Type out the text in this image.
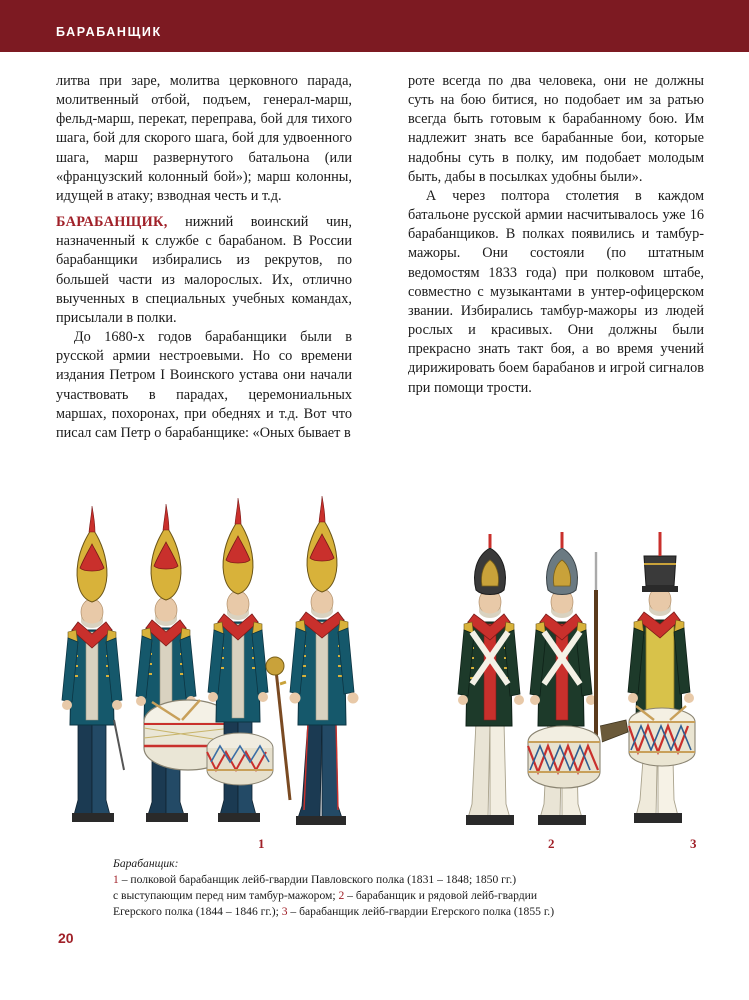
БАРАБАНЩИК

литва при заре, молитва церковного парада, молитвенный отбой, подъем, генерал-марш, фельд-марш, перекат, переправа, бой для тихого шага, бой для скорого шага, бой для удвоенного шага, марш развернутого батальона (или «французский колонный бой»); марш колонны, идущей в атаку; взводная честь и т.д.

БАРАБАНЩИК, нижний воинский чин, назначенный к службе с барабаном. В России барабанщики избирались из рекрутов, по большей части из малорослых. Их, отлично выученных в специальных учебных командах, присылали в полки.

До 1680-х годов барабанщики были в русской армии нестроевыми. Но со времени издания Петром I Воинского устава они начали участвовать в парадах, церемониальных маршах, похоронах, при обеднях и т.д. Вот что писал сам Петр о барабанщике: «Оных бывает в

роте всегда по два человека, они не должны суть на бою битися, но подобает им за ратью всегда быть готовым к барабанному бою. Им надлежит знать все барабанные бои, которые надобны суть в полку, им подобает молодым быть, дабы в посылках удобны были».

А через полтора столетия в каждом батальоне русской армии насчитывалось уже 16 барабанщиков. В полках появились и тамбур-мажоры. Они состояли (по штатным ведомостям 1833 года) при полковом штабе, совместно с музыкантами в унтер-офицерском звании. Избирались тамбур-мажоры из людей рослых и красивых. Они должны были прекрасно знать такт боя, а во время учений дирижировать боем барабанов и игрой сигналов при помощи трости.

1	2	3
Барабанщик:
1 – полковой барабанщик лейб-гвардии Павловского полка (1831 – 1848; 1850 гг.)
с выступающим перед ним тамбур-мажором; 2 – барабанщик и рядовой лейб-гвардии
Егерского полка (1844 – 1846 гг.); 3 – барабанщик лейб-гвардии Егерского полка (1855 г.)
20
